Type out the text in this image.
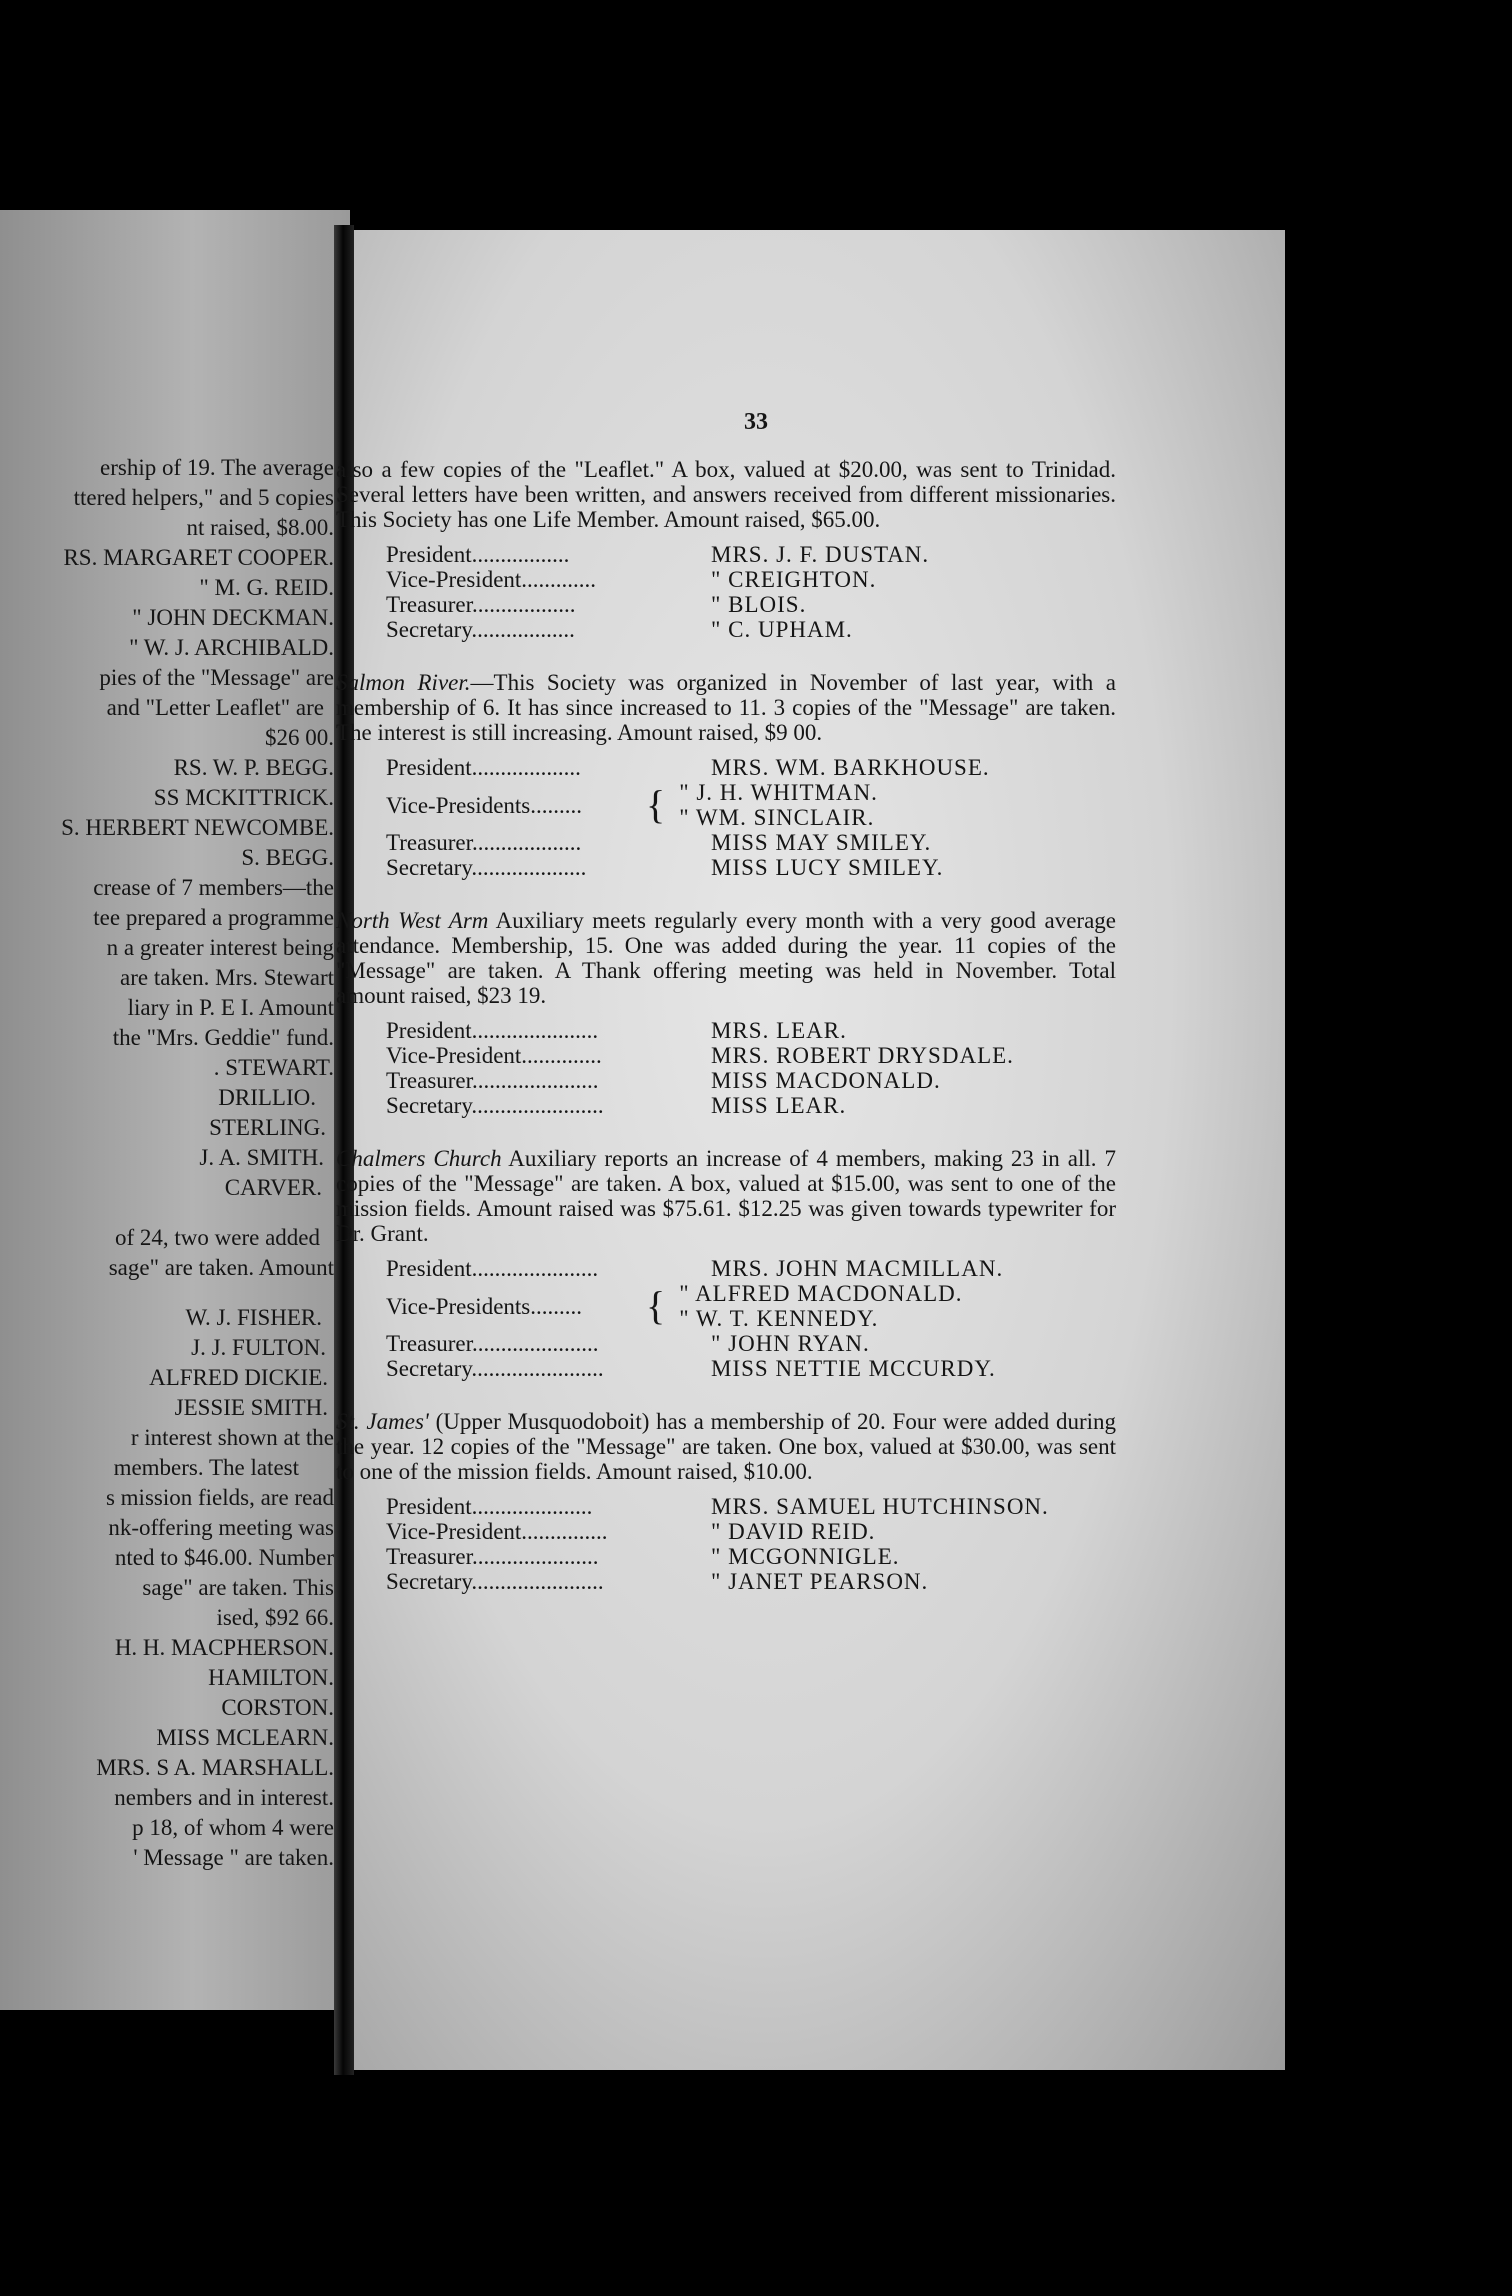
ership of 19. The average
ttered helpers," and 5 copies
nt raised, $8.00.
RS. MARGARET COOPER.
" M. G. REID.
" JOHN DECKMAN.
" W. J. ARCHIBALD.
pies of the "Message" are
and "Letter Leaflet" are
$26 00.
RS. W. P. BEGG.
SS MCKITTRICK.
S. HERBERT NEWCOMBE.
S. BEGG.
crease of 7 members—the
tee prepared a programme
n a greater interest being
are taken. Mrs. Stewart
liary in P. E I. Amount
the "Mrs. Geddie" fund.
. STEWART.
DRILLIO.
STERLING.
J. A. SMITH.
CARVER.
of 24, two were added
sage" are taken. Amount
W. J. FISHER.
J. J. FULTON.
ALFRED DICKIE.
JESSIE SMITH.
r interest shown at the
members. The latest
s mission fields, are read
nk-offering meeting was
nted to $46.00. Number
sage" are taken. This
ised, $92 66.
H. H. MACPHERSON.
HAMILTON.
CORSTON.
MISS MCLEARN.
MRS. S A. MARSHALL.
nembers and in interest.
p 18, of whom 4 were
' Message " are taken.
33

also a few copies of the "Leaflet." A box, valued at $20.00, was sent to Trinidad. Several letters have been written, and answers received from different missionaries. This Society has one Life Member. Amount raised, $65.00.

President.................	MRS. J. F. DUSTAN.
Vice-President.............	" CREIGHTON.
Treasurer..................	" BLOIS.
Secretary..................	" C. UPHAM.

Salmon River.—This Society was organized in November of last year, with a membership of 6. It has since increased to 11. 3 copies of the "Message" are taken. The interest is still increasing. Amount raised, $9 00.

President...................	MRS. WM. BARKHOUSE.
Vice-Presidents......... { " J. H. WHITMAN.
" WM. SINCLAIR.
Treasurer...................	MISS MAY SMILEY.
Secretary....................	MISS LUCY SMILEY.

North West Arm Auxiliary meets regularly every month with a very good average attendance. Membership, 15. One was added during the year. 11 copies of the "Message" are taken. A Thank offering meeting was held in November. Total amount raised, $23 19.

President......................	MRS. LEAR.
Vice-President..............	MRS. ROBERT DRYSDALE.
Treasurer......................	MISS MACDONALD.
Secretary.......................	MISS LEAR.

Chalmers Church Auxiliary reports an increase of 4 members, making 23 in all. 7 copies of the "Message" are taken. A box, valued at $15.00, was sent to one of the mission fields. Amount raised was $75.61. $12.25 was given towards typewriter for Dr. Grant.

President......................	MRS. JOHN MACMILLAN.
Vice-Presidents......... { " ALFRED MACDONALD.
" W. T. KENNEDY.
Treasurer......................	" JOHN RYAN.
Secretary.......................	MISS NETTIE MCCURDY.

St. James' (Upper Musquodoboit) has a membership of 20. Four were added during the year. 12 copies of the "Message" are taken. One box, valued at $30.00, was sent to one of the mission fields. Amount raised, $10.00.

President.....................	MRS. SAMUEL HUTCHINSON.
Vice-President...............	" DAVID REID.
Treasurer......................	" MCGONNIGLE.
Secretary.......................	" JANET PEARSON.
